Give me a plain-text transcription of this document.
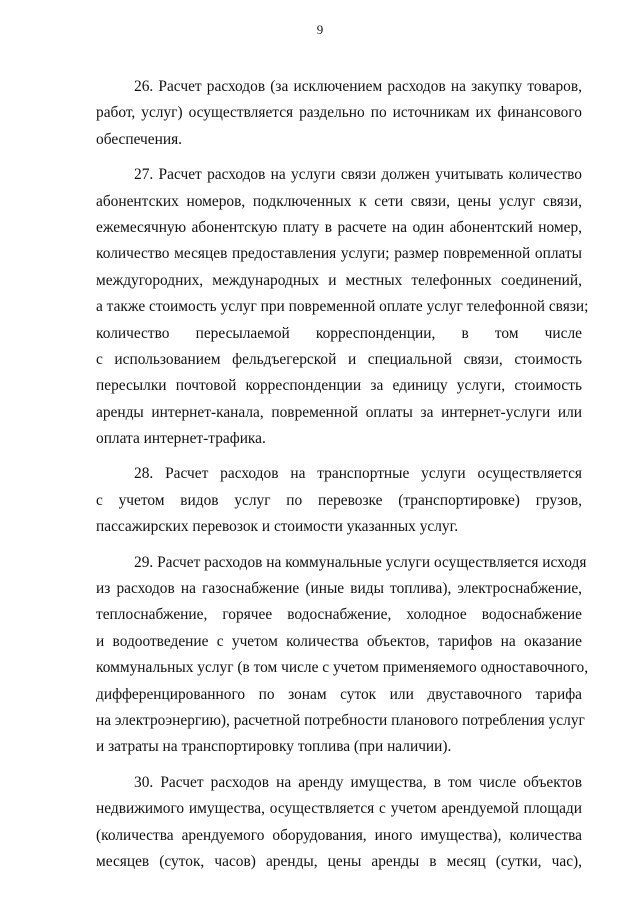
9
26. Расчет расходов (за исключением расходов на закупку товаров,
работ, услуг) осуществляется раздельно по источникам их финансового
обеспечения.
27. Расчет расходов на услуги связи должен учитывать количество
абонентских номеров, подключенных к сети связи, цены услуг связи,
ежемесячную абонентскую плату в расчете на один абонентский номер,
количество месяцев предоставления услуги; размер повременной оплаты
междугородних, международных и местных телефонных соединений,
а также стоимость услуг при повременной оплате услуг телефонной связи;
количество пересылаемой корреспонденции, в том числе
с использованием фельдъегерской и специальной связи, стоимость
пересылки почтовой корреспонденции за единицу услуги, стоимость
аренды интернет-канала, повременной оплаты за интернет-услуги или
оплата интернет-трафика.
28. Расчет расходов на транспортные услуги осуществляется
с учетом видов услуг по перевозке (транспортировке) грузов,
пассажирских перевозок и стоимости указанных услуг.
29. Расчет расходов на коммунальные услуги осуществляется исходя
из расходов на газоснабжение (иные виды топлива), электроснабжение,
теплоснабжение, горячее водоснабжение, холодное водоснабжение
и водоотведение с учетом количества объектов, тарифов на оказание
коммунальных услуг (в том числе с учетом применяемого одноставочного,
дифференцированного по зонам суток или двуставочного тарифа
на электроэнергию), расчетной потребности планового потребления услуг
и затраты на транспортировку топлива (при наличии).
30. Расчет расходов на аренду имущества, в том числе объектов
недвижимого имущества, осуществляется с учетом арендуемой площади
(количества арендуемого оборудования, иного имущества), количества
месяцев (суток, часов) аренды, цены аренды в месяц (сутки, час),
